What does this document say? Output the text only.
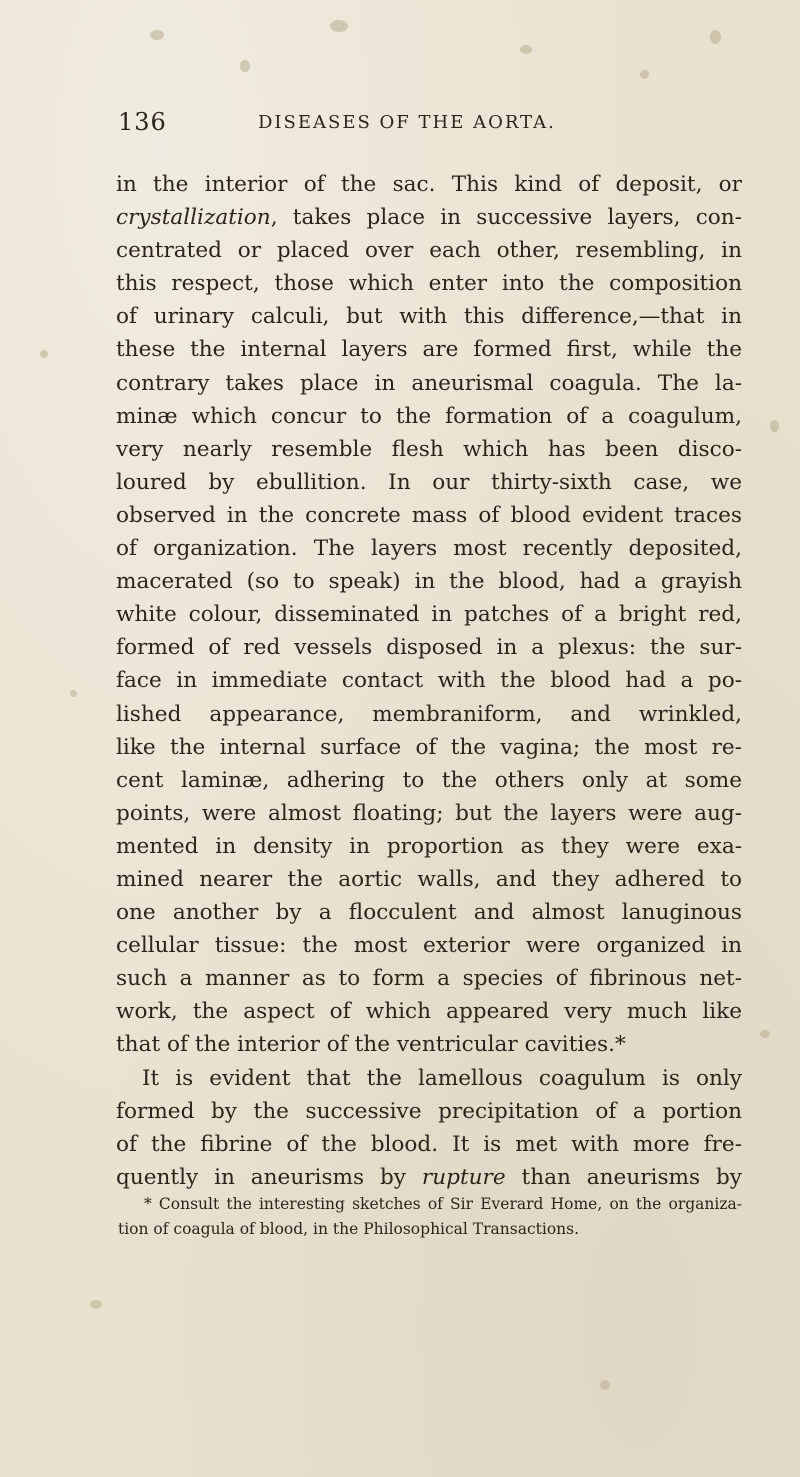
136	DISEASES OF THE AORTA.
in the interior of the sac. This kind of deposit, or
crystallization, takes place in successive layers, con-
centrated or placed over each other, resembling, in
this respect, those which enter into the composition
of urinary calculi, but with this difference,—that in
these the internal layers are formed first, while the
contrary takes place in aneurismal coagula. The la-
minæ which concur to the formation of a coagulum,
very nearly resemble flesh which has been disco-
loured by ebullition. In our thirty-sixth case, we
observed in the concrete mass of blood evident traces
of organization. The layers most recently deposited,
macerated (so to speak) in the blood, had a grayish
white colour, disseminated in patches of a bright red,
formed of red vessels disposed in a plexus: the sur-
face in immediate contact with the blood had a po-
lished appearance, membraniform, and wrinkled,
like the internal surface of the vagina; the most re-
cent laminæ, adhering to the others only at some
points, were almost floating; but the layers were aug-
mented in density in proportion as they were exa-
mined nearer the aortic walls, and they adhered to
one another by a flocculent and almost lanuginous
cellular tissue: the most exterior were organized in
such a manner as to form a species of fibrinous net-
work, the aspect of which appeared very much like
that of the interior of the ventricular cavities.*
It is evident that the lamellous coagulum is only
formed by the successive precipitation of a portion
of the fibrine of the blood. It is met with more fre-
quently in aneurisms by rupture than aneurisms by
* Consult the interesting sketches of Sir Everard Home, on the organiza-
tion of coagula of blood, in the Philosophical Transactions.
